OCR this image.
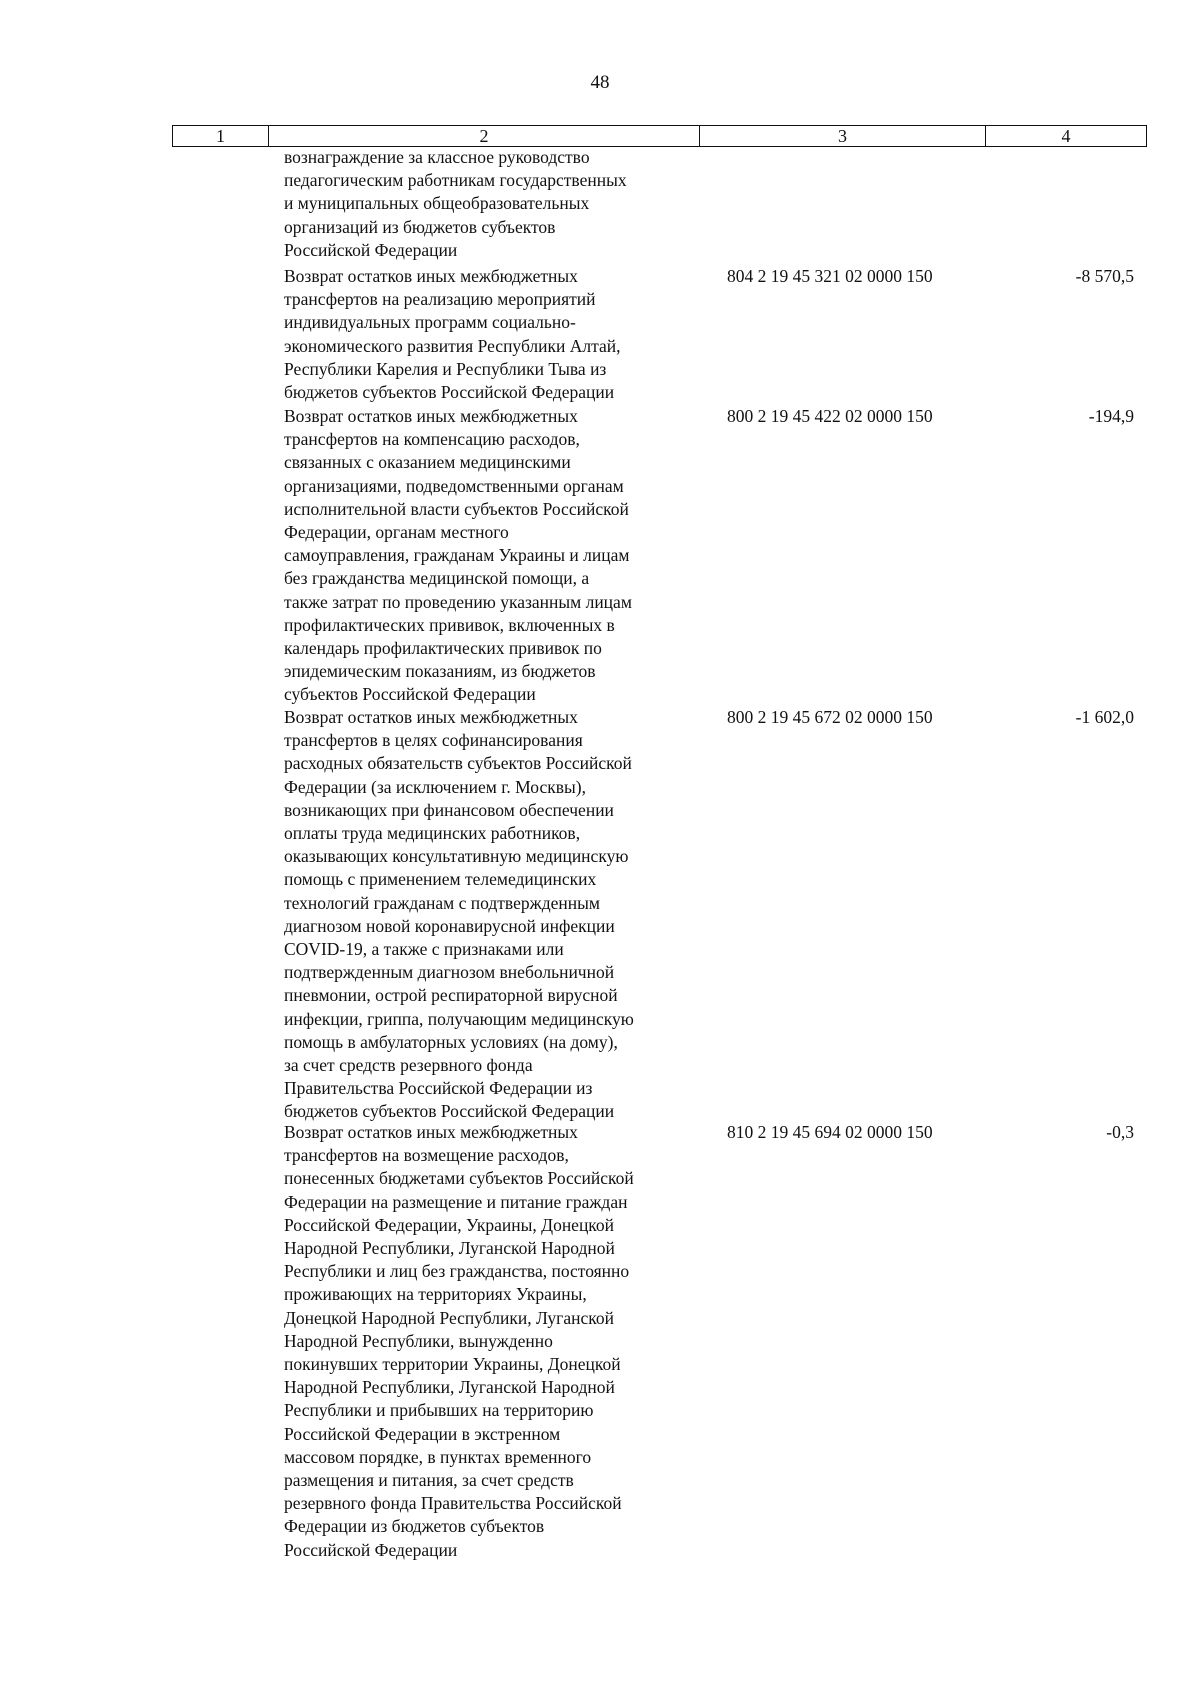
48
1	2	3	4
вознаграждение за классное руководство
педагогическим работникам государственных
и муниципальных общеобразовательных
организаций из бюджетов субъектов
Российской Федерации
Возврат остатков иных межбюджетных
трансфертов на реализацию мероприятий
индивидуальных программ социально-
экономического развития Республики Алтай,
Республики Карелия и Республики Тыва из
бюджетов субъектов Российской Федерации
804 2 19 45 321 02 0000 150	-8 570,5
Возврат остатков иных межбюджетных
трансфертов на компенсацию расходов,
связанных с оказанием медицинскими
организациями, подведомственными органам
исполнительной власти субъектов Российской
Федерации, органам местного
самоуправления, гражданам Украины и лицам
без гражданства медицинской помощи, а
также затрат по проведению указанным лицам
профилактических прививок, включенных в
календарь профилактических прививок по
эпидемическим показаниям, из бюджетов
субъектов Российской Федерации
800 2 19 45 422 02 0000 150	-194,9
Возврат остатков иных межбюджетных
трансфертов в целях софинансирования
расходных обязательств субъектов Российской
Федерации (за исключением г. Москвы),
возникающих при финансовом обеспечении
оплаты труда медицинских работников,
оказывающих консультативную медицинскую
помощь с применением телемедицинских
технологий гражданам с подтвержденным
диагнозом новой коронавирусной инфекции
COVID-19, а также с признаками или
подтвержденным диагнозом внебольничной
пневмонии, острой респираторной вирусной
инфекции, гриппа, получающим медицинскую
помощь в амбулаторных условиях (на дому),
за счет средств резервного фонда
Правительства Российской Федерации из
бюджетов субъектов Российской Федерации
800 2 19 45 672 02 0000 150	-1 602,0
Возврат остатков иных межбюджетных
трансфертов на возмещение расходов,
понесенных бюджетами субъектов Российской
Федерации на размещение и питание граждан
Российской Федерации, Украины, Донецкой
Народной Республики, Луганской Народной
Республики и лиц без гражданства, постоянно
проживающих на территориях Украины,
Донецкой Народной Республики, Луганской
Народной Республики, вынужденно
покинувших территории Украины, Донецкой
Народной Республики, Луганской Народной
Республики и прибывших на территорию
Российской Федерации в экстренном
массовом порядке, в пунктах временного
размещения и питания, за счет средств
резервного фонда Правительства Российской
Федерации из бюджетов субъектов
Российской Федерации
810 2 19 45 694 02 0000 150	-0,3
